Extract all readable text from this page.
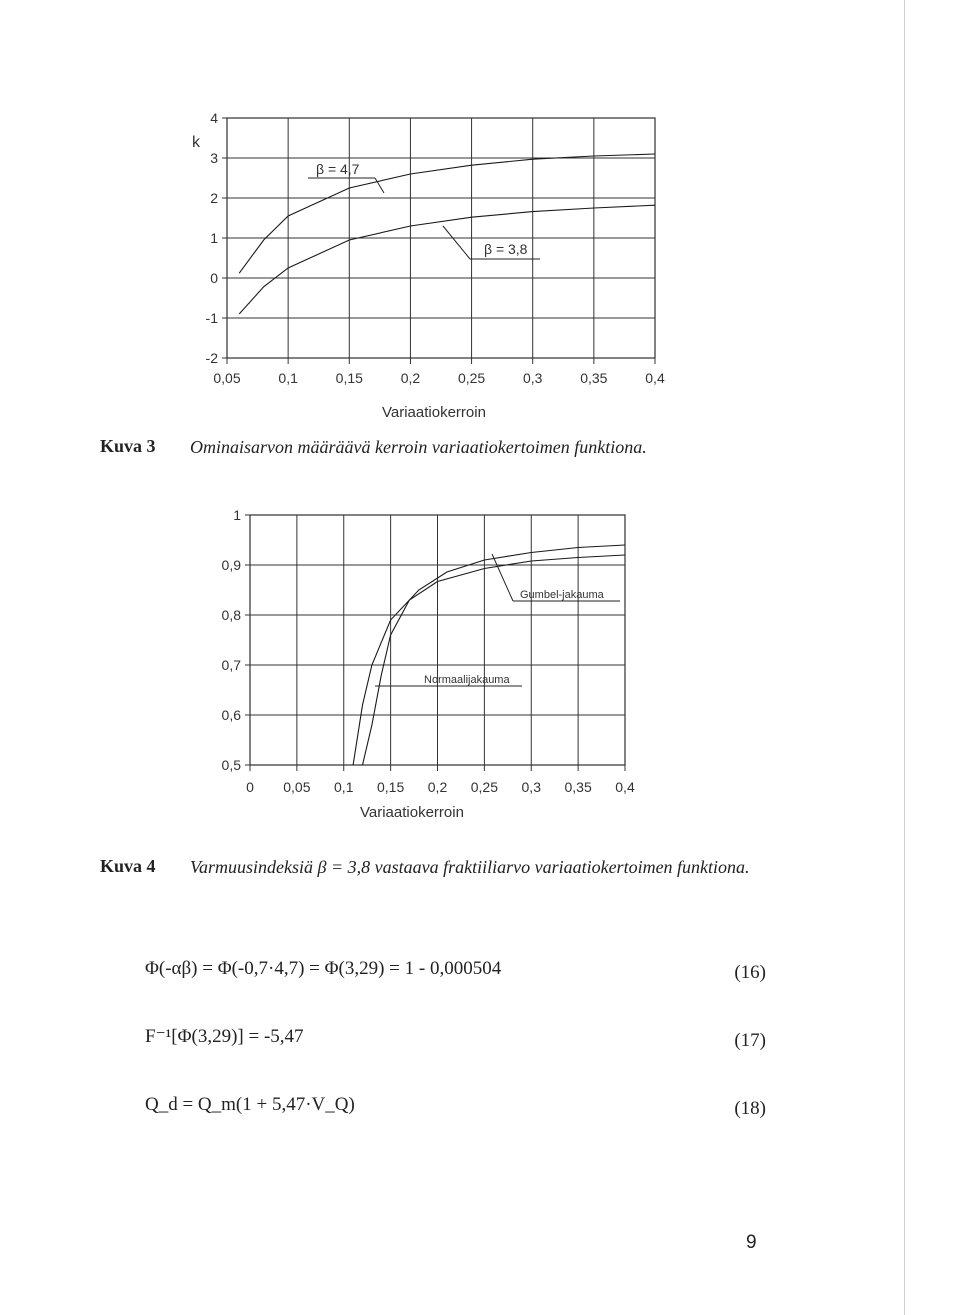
0,05	0,1	0,15	0,2	0,25	0,3	0,35	0,4
-2
-1
0
1
2
3
4
β = 4,7
β = 3,8
k
Variaatiokerroin
Kuva 3 Ominaisarvon määräävä kerroin variaatiokertoimen funktiona.
0 0,05 0,1 0,15 0,2 0,25 0,3 0,35 0,4
0,5
0,6
0,7
0,8
0,9
1
Gumbel-jakauma
Normaalijakauma
Variaatiokerroin
Kuva 4 Varmuusindeksiä β = 3,8 vastaava fraktiiliarvo variaatiokertoimen funktiona.
Φ(-αβ) = Φ(-0,7·4,7) = Φ(3,29) = 1 - 0,000504	(16)
F⁻¹[Φ(3,29)] = -5,47	(17)
Q_d = Q_m(1 + 5,47·V_Q)	(18)
9
